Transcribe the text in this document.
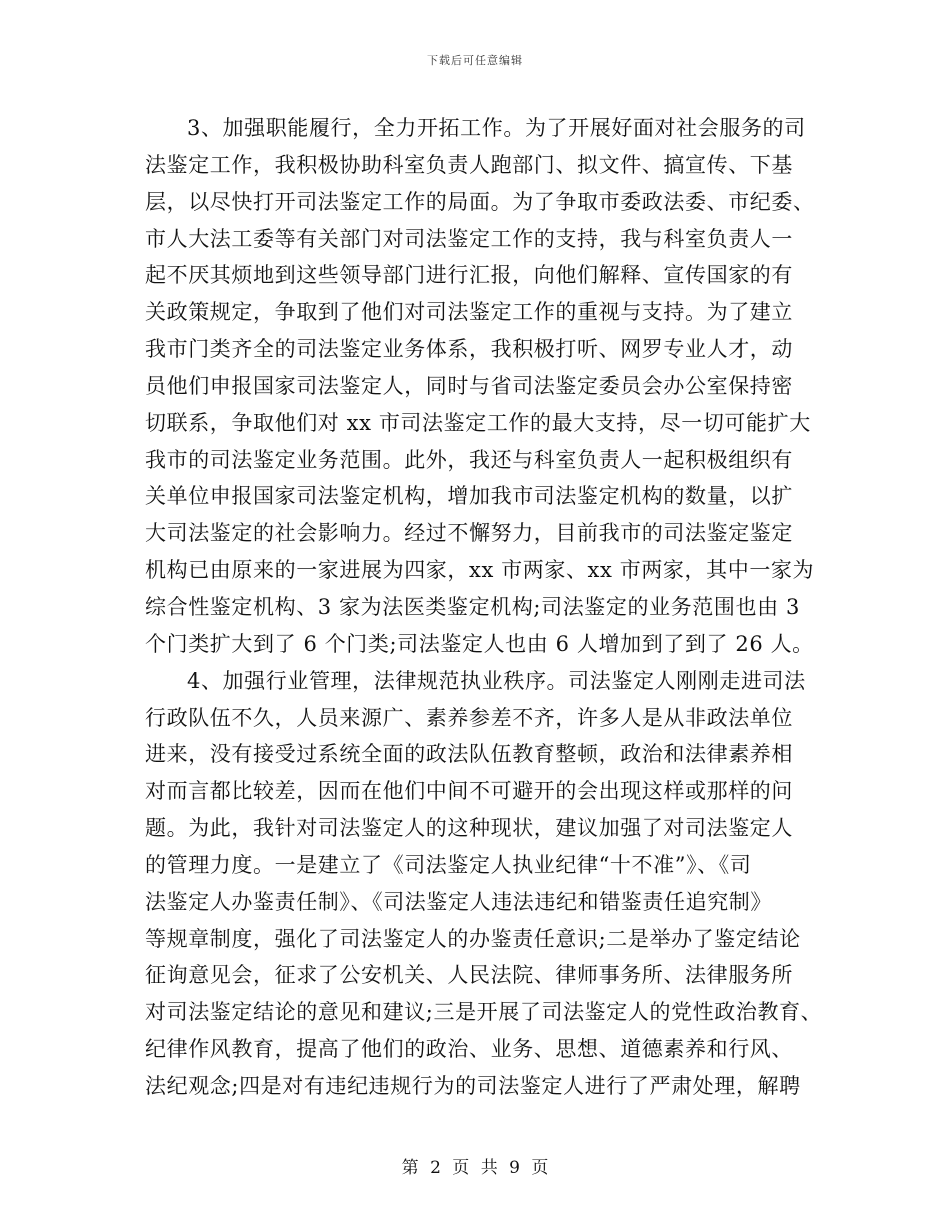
下载后可任意编辑
3、加强职能履行，全力开拓工作。为了开展好面对社会服务的司
法鉴定工作，我积极协助科室负责人跑部门、拟文件、搞宣传、下基
层，以尽快打开司法鉴定工作的局面。为了争取市委政法委、市纪委、
市人大法工委等有关部门对司法鉴定工作的支持，我与科室负责人一
起不厌其烦地到这些领导部门进行汇报，向他们解释、宣传国家的有
关政策规定，争取到了他们对司法鉴定工作的重视与支持。为了建立
我市门类齐全的司法鉴定业务体系，我积极打听、网罗专业人才，动
员他们申报国家司法鉴定人，同时与省司法鉴定委员会办公室保持密
切联系，争取他们对 xx 市司法鉴定工作的最大支持，尽一切可能扩大
我市的司法鉴定业务范围。此外，我还与科室负责人一起积极组织有
关单位申报国家司法鉴定机构，增加我市司法鉴定机构的数量，以扩
大司法鉴定的社会影响力。经过不懈努力，目前我市的司法鉴定鉴定
机构已由原来的一家进展为四家，xx 市两家、xx 市两家，其中一家为
综合性鉴定机构、3 家为法医类鉴定机构;司法鉴定的业务范围也由 3
个门类扩大到了 6 个门类;司法鉴定人也由 6 人增加到了到了 26 人。
4、加强行业管理，法律规范执业秩序。司法鉴定人刚刚走进司法
行政队伍不久，人员来源广、素养参差不齐，许多人是从非政法单位
进来，没有接受过系统全面的政法队伍教育整顿，政治和法律素养相
对而言都比较差，因而在他们中间不可避开的会出现这样或那样的问
题。为此，我针对司法鉴定人的这种现状，建议加强了对司法鉴定人
的管理力度。一是建立了《司法鉴定人执业纪律“十不准”》、《司
法鉴定人办鉴责任制》、《司法鉴定人违法违纪和错鉴责任追究制》
等规章制度，强化了司法鉴定人的办鉴责任意识;二是举办了鉴定结论
征询意见会，征求了公安机关、人民法院、律师事务所、法律服务所
对司法鉴定结论的意见和建议;三是开展了司法鉴定人的党性政治教育、
纪律作风教育，提高了他们的政治、业务、思想、道德素养和行风、
法纪观念;四是对有违纪违规行为的司法鉴定人进行了严肃处理，解聘
第 2 页 共 9 页
